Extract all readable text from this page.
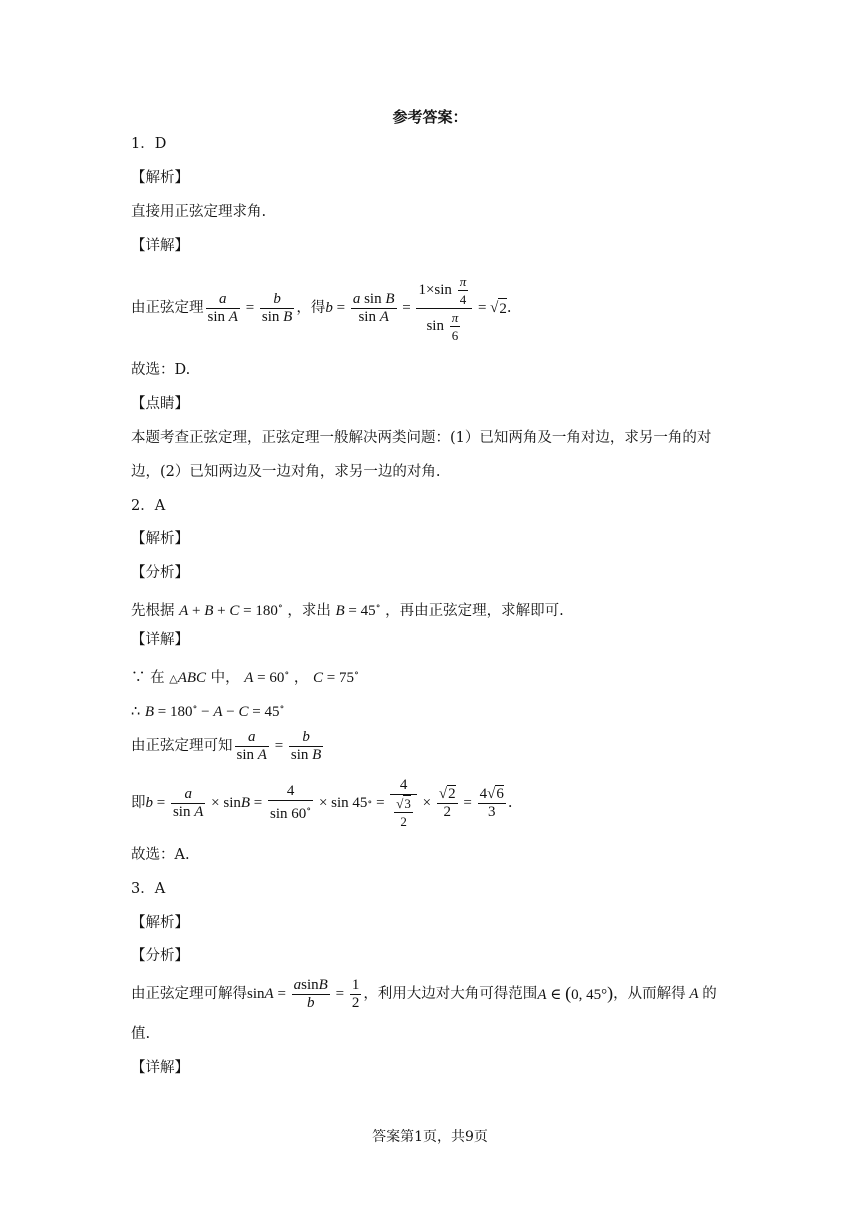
参考答案：
1．D
【解析】
直接用正弦定理求角.
【详解】
由正弦定理 $\frac{a}{\text{sin A}} = \frac{b}{\text{sin B}}$ ，得 $b = \frac{\text{a sin B}}{\text{sin A}} = \frac{1\times\sin \frac{\pi}{4}}{\sin \frac{\pi}{6}}$ = √ 2 .
故选：D.
【点睛】
本题考查正弦定理，正弦定理一般解决两类问题：(1）已知两角及一角对边，求另一角的对
边，(2）已知两边及一边对角，求另一边的对角.
2．A
【解析】
【分析】
先根据 A + B + C = 180∘ ，求出 B = 45∘ ，再由正弦定理，求解即可.
【详解】
∵ 在 △ABC 中， A = 60∘ ， C = 75∘
∴ B = 180∘ − A − C = 45∘
由正弦定理可知 $\frac{a}{\text{sin A}} = \frac{b}{\text{sin B}}$
即 $b = \frac{a}{\text{sin A}} \times \sin B = \frac{4}{\sin 60^\circ} \times \sin 45$ ∘ = $\frac{4}{\frac{√3}{2}} \times \frac{√2}{2} = \frac{4√6}{3}$ .
故选：A.
3．A
【解析】
【分析】
由正弦定理可解得 $\sin A = \frac{asinB}{b} = \frac{1}{2}$ ，利用大边对大角可得范围 A ∈ (0, 45°) ，从而解得 A 的
值.
【详解】
答案第1页，共9页
